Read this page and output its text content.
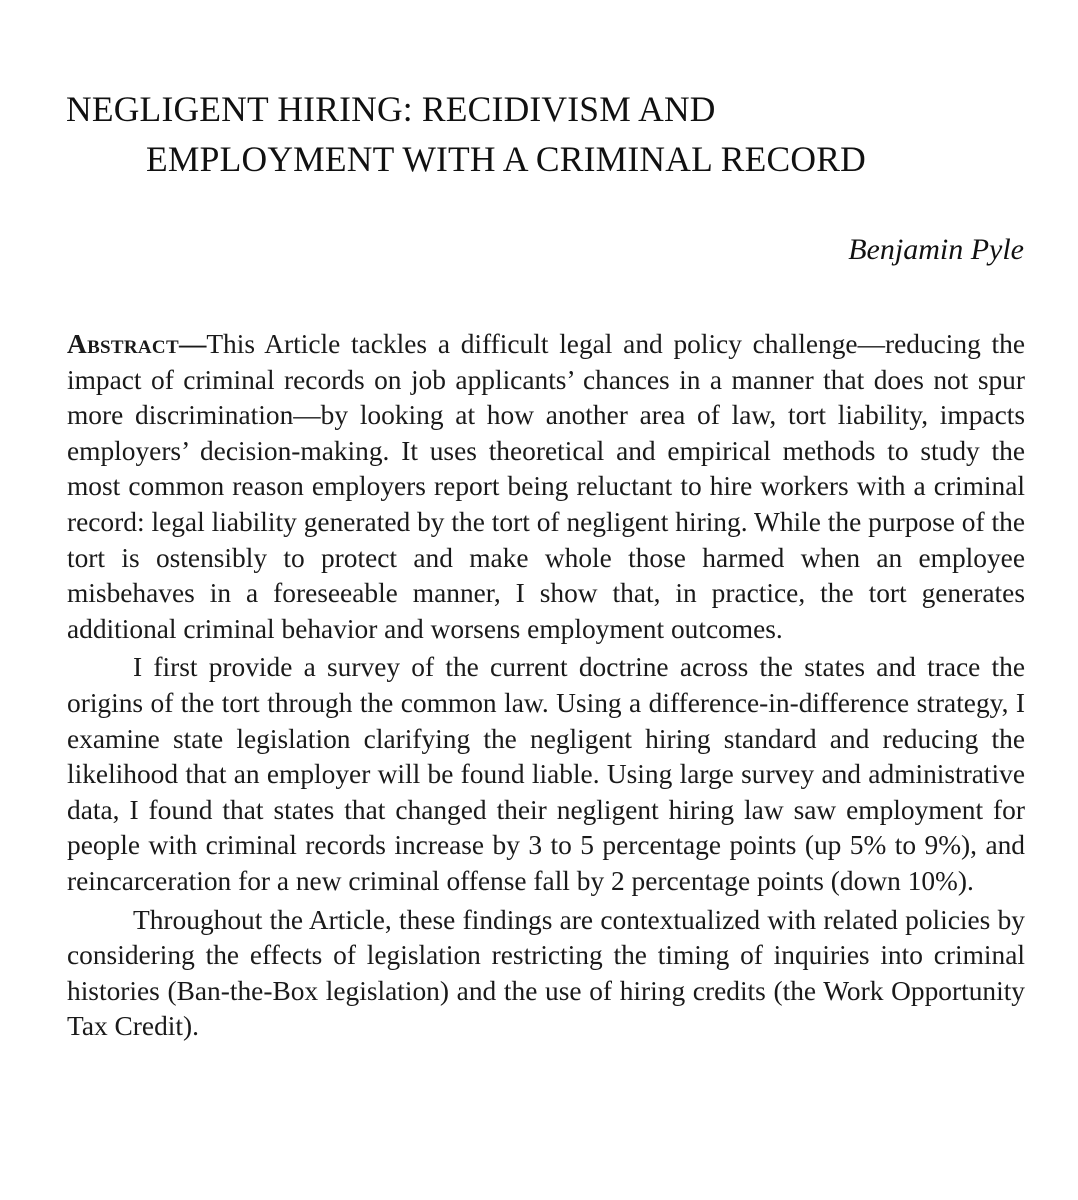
NEGLIGENT HIRING: RECIDIVISM AND
EMPLOYMENT WITH A CRIMINAL RECORD

Benjamin Pyle

Abstract—This Article tackles a difficult legal and policy challenge—reducing the impact of criminal records on job applicants’ chances in a manner that does not spur more discrimination—by looking at how another area of law, tort liability, impacts employers’ decision-making. It uses theoretical and empirical methods to study the most common reason employers report being reluctant to hire workers with a criminal record: legal liability generated by the tort of negligent hiring. While the purpose of the tort is ostensibly to protect and make whole those harmed when an employee misbehaves in a foreseeable manner, I show that, in practice, the tort generates additional criminal behavior and worsens employment outcomes.

I first provide a survey of the current doctrine across the states and trace the origins of the tort through the common law. Using a difference-in-difference strategy, I examine state legislation clarifying the negligent hiring standard and reducing the likelihood that an employer will be found liable. Using large survey and administrative data, I found that states that changed their negligent hiring law saw employment for people with criminal records increase by 3 to 5 percentage points (up 5% to 9%), and reincarceration for a new criminal offense fall by 2 percentage points (down 10%).

Throughout the Article, these findings are contextualized with related policies by considering the effects of legislation restricting the timing of inquiries into criminal histories (Ban-the-Box legislation) and the use of hiring credits (the Work Opportunity Tax Credit).
